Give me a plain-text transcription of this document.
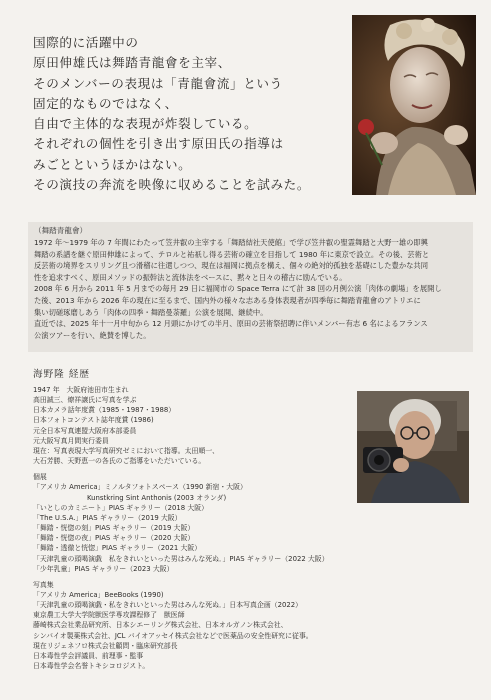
国際的に活躍中の
原田伸雄氏は舞踏青龍會を主宰、
そのメンバーの表現は「青龍會流」という
固定的なものではなく、
自由で主体的な表現が炸裂している。
それぞれの個性を引き出す原田氏の指導は
みごとというほかはない。
その演技の奔流を映像に収めることを試みた。
（舞踏青龍會）
1972 年～1979 年の 7 年間にわたって笠井叡の主宰する「舞踏結社天使館」で学び笠井叡の聖霊舞踏と大野一雄の即興
舞踏の系譜を継ぐ原田伸雄によって、テロルと祐祇し得る芸術の確立を目指して 1980 年に東京で設立。その後、芸術と
反芸術の境界をスリリング且つ滑稽に往還しつつ、現在は福岡に拠点を構え、個々の絶対的孤独を基礎にした豊かな共同
性を追求すべく、原田メソッドの振幹法と流体法をベースに、黙々と日々の稽古に励んでいる。
2008 年 6 月から 2011 年 5 月までの毎月 29 日に福岡市の Space Terra にて計 38 回の月例公演「肉体の劇場」を展開し
た後、2013 年から 2026 年の現在に至るまで、国内外の様々な志ある身体表現者が四季毎に舞踏青龍會のアトリエに
集い切磋琢磨しあう「肉体の四季・舞踏曼荼羅」公演を展開、継続中。
直近では、2025 年十一月中旬から 12 月頭にかけての半月、原田の芸術祭招聘に伴いメンバー有志 6 名によるフランス
公演ツアーを行い、絶賛を博した。
海野隆 経歴
1947 年　大阪府池田市生まれ
高田誠三、燎祥譲氏に写真を学ぶ
日本カメラ話年度賞（1985・1987・1988）
日本フォトコンテスト誌年度賞 (1986)
元全日本写真連盟大阪府本部委員
元大阪写真月間実行委員
現在：写真表現大学写真研究ゼミにおいて指導。太田順一、
大石芳勝、天野恵一の各氏のご指導をいただいている。
個展
「アメリカ America」ミノルタフォトスペース（1990 新宿・大阪）
Kunstkring Sint Anthonis (2003 オランダ)
「いとしのカミニート」PIAS ギャラリー（2018 大阪）
「The U.S.A.」PIAS ギャラリー（2019 大阪）
「舞踏・恍惚の刻」PIAS ギャラリー（2019 大阪）
「舞踏・恍惚の夜」PIAS ギャラリー（2020 大阪）
「舞踏・透徹と恍惚」PIAS ギャラリー（2021 大阪）
「天津乳童の頭喝演戯　私をきれいといった男はみんな死ぬ．」PIAS ギャラリー（2022 大阪）
「少年乳童」PIAS ギャラリー（2023 大阪）
写真集
「アメリカ America」BeeBooks (1990)
「天津乳童の頭喝演戯・私をきれいといった男はみんな死ぬ．」日本写真企画（2022）
東京農工大学大学院獣医学専攻課程修了　獣医師
藤崎株式会社業品研究所、日本シエーリング株式会社、日本オルガノン株式会社、
シンバイオ製薬株式会社、JCL バイオアッセイ株式会社などで医薬品の安全性研究に従事。
現在リジェネフロ株式会社顧問・臨床研究部長
日本毒性学会評議員、前理事・監事
日本毒性学会名誉トキシコロジスト。
